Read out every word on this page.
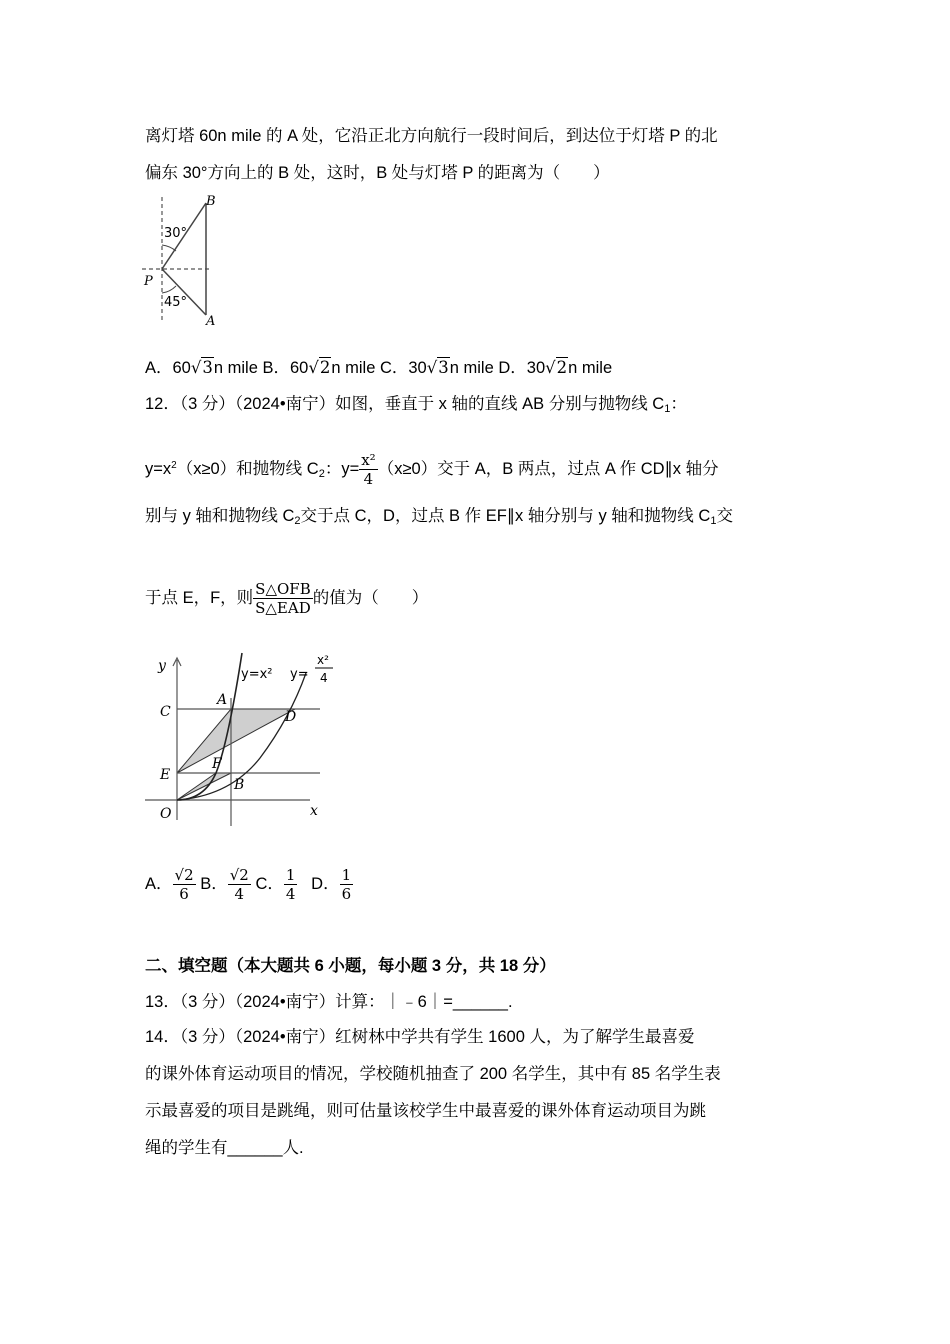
离灯塔 60n mile 的 A 处，它沿正北方向航行一段时间后，到达位于灯塔 P 的北
偏东 30°方向上的 B 处，这时，B 处与灯塔 P 的距离为（　　）
B
P
A
30°
45°
A．60√3n mile B．60√2n mile C．30√3n mile D．30√2n mile
12．（3 分）（2024•南宁）如图，垂直于 x 轴的直线 AB 分别与抛物线 $C_1$：
$y=x^2(x\ge 0)$和抛物线 $C_2$：$y= \frac{\text{x²}}{4} (x\ge 0)$交于 A，B 两点，过点 A 作 CD∥x 轴分
别与 y 轴和抛物线 $C_2$交于点 C，D，过点 B 作 EF∥x 轴分别与 y 轴和抛物线 $C_1$交
于点 E，F，则 $\frac{\text{S△OFB}}{\text{S△EAD}}$ 的值为（　　）
y
x
O
C
E
A
D
F
B
y=x² y=
x²
4
A． $\frac{√2}{6}$ B． $\frac{√2}{4}$ C． $\frac{1}{4}$ D． $\frac{1}{6}$
二、填空题（本大题共 6 小题，每小题 3 分，共 18 分）
13．（3 分）（2024•南宁）计算：｜﹣6｜=______.
14．（3 分）（2024•南宁）红树林中学共有学生 1600 人，为了解学生最喜爱
的课外体育运动项目的情况，学校随机抽查了 200 名学生，其中有 85 名学生表
示最喜爱的项目是跳绳，则可估量该校学生中最喜爱的课外体育运动项目为跳
绳的学生有______人.
